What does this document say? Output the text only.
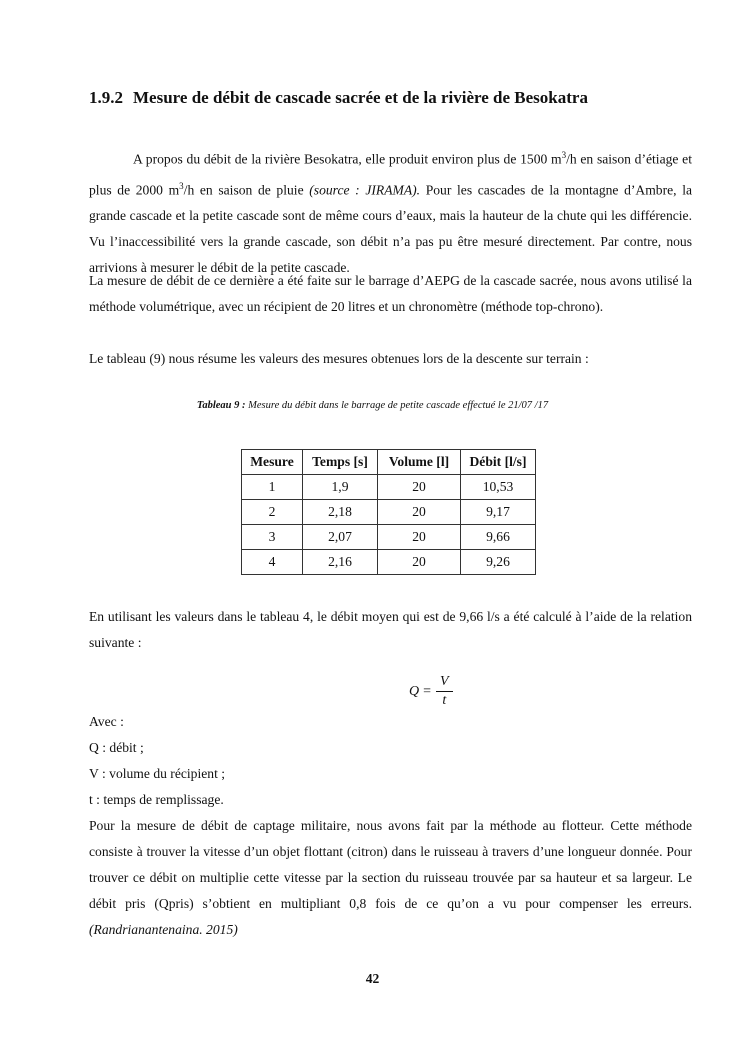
1.9.2 Mesure de débit de cascade sacrée et de la rivière de Besokatra
A propos du débit de la rivière Besokatra, elle produit environ plus de 1500 $m^3/h$ en saison d’étiage et plus de 2000 $m^3/h$ en saison de pluie (source : JIRAMA). Pour les cascades de la montagne d’Ambre, la grande cascade et la petite cascade sont de même cours d’eaux, mais la hauteur de la chute qui les différencie. Vu l’inaccessibilité vers la grande cascade, son débit n’a pas pu être mesuré directement. Par contre, nous arrivions à mesurer le débit de la petite cascade.
La mesure de débit de ce dernière a été faite sur le barrage d’AEPG de la cascade sacrée, nous avons utilisé la méthode volumétrique, avec un récipient de 20 litres et un chronomètre (méthode top-chrono).
Le tableau (9) nous résume les valeurs des mesures obtenues lors de la descente sur terrain :
Tableau 9 : Mesure du débit dans le barrage de petite cascade effectué le 21/07 /17
Mesure	Temps [s]	Volume [l]	Débit [l/s]
1	1,9	20	10,53
2	2,18	20	9,17
3	2,07	20	9,66
4	2,16	20	9,26
En utilisant les valeurs dans le tableau 4, le débit moyen qui est de 9,66 l/s a été calculé à l’aide de la relation suivante :
$Q = \frac{V}{t}$
Avec :
Q : débit ;
V : volume du récipient ;
t : temps de remplissage.
Pour la mesure de débit de captage militaire, nous avons fait par la méthode au flotteur. Cette méthode consiste à trouver la vitesse d’un objet flottant (citron) dans le ruisseau à travers d’une longueur donnée. Pour trouver ce débit on multiplie cette vitesse par la section du ruisseau trouvée par sa hauteur et sa largeur. Le débit pris (Qpris) s’obtient en multipliant 0,8 fois de ce qu’on a vu pour compenser les erreurs. (Randrianantenaina. 2015)
42
